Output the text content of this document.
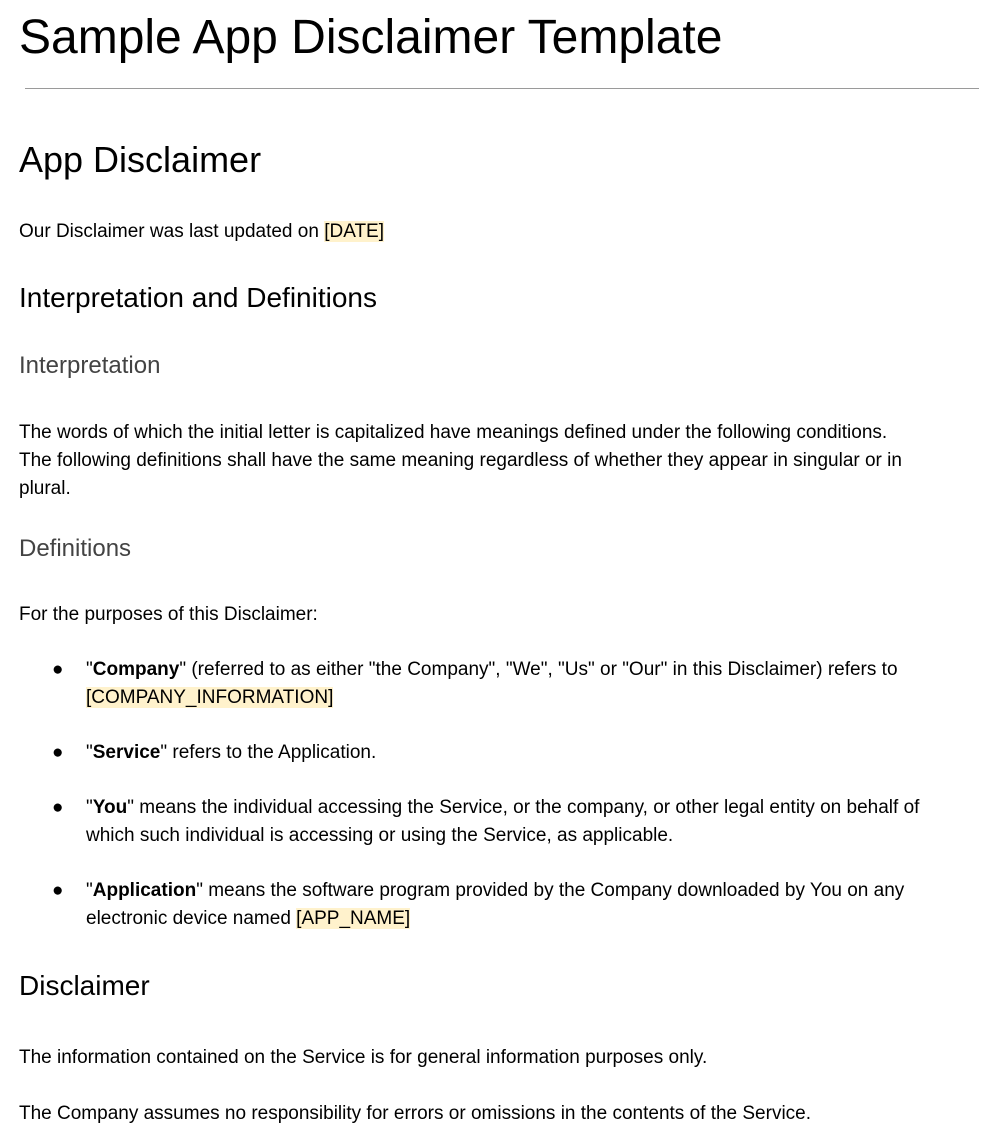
Sample App Disclaimer Template
App Disclaimer

Our Disclaimer was last updated on [DATE]

Interpretation and Definitions
Interpretation

The words of which the initial letter is capitalized have meanings defined under the following conditions.

The following definitions shall have the same meaning regardless of whether they appear in singular or in

plural.

Definitions

For the purposes of this Disclaimer:

● "Company" (referred to as either "the Company", "We", "Us" or "Our" in this Disclaimer) refers to

[COMPANY_INFORMATION]

● "Service" refers to the Application.

● "You" means the individual accessing the Service, or the company, or other legal entity on behalf of

which such individual is accessing or using the Service, as applicable.

● "Application" means the software program provided by the Company downloaded by You on any

electronic device named [APP_NAME]

Disclaimer

The information contained on the Service is for general information purposes only.

The Company assumes no responsibility for errors or omissions in the contents of the Service.
